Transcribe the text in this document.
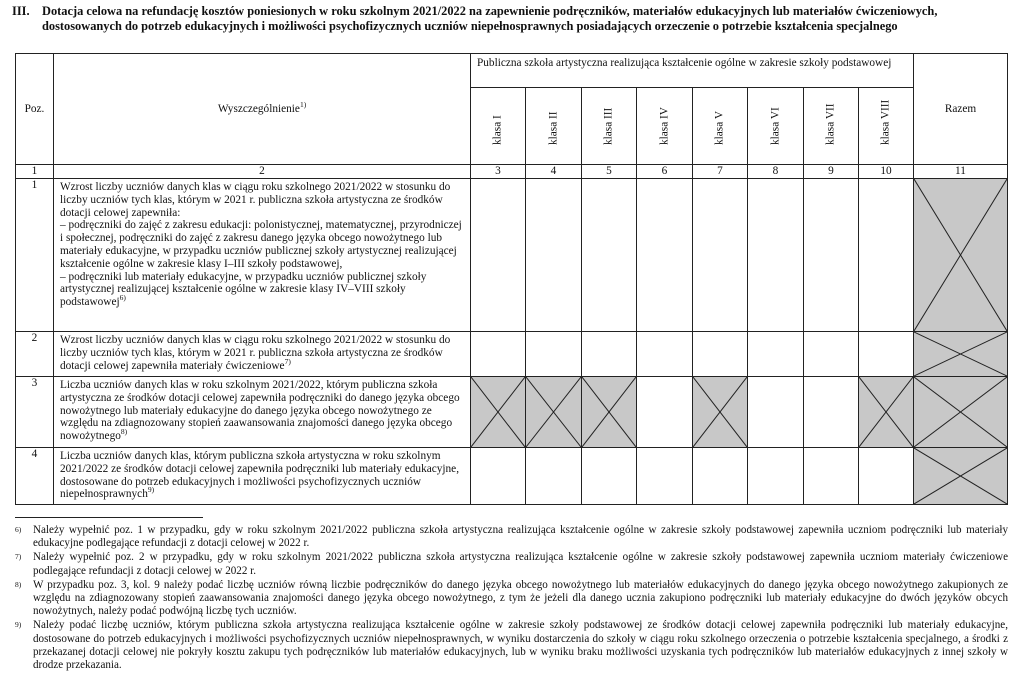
III. Dotacja celowa na refundację kosztów poniesionych w roku szkolnym 2021/2022 na zapewnienie podręczników, materiałów edukacyjnych lub materiałów ćwiczeniowych, dostosowanych do potrzeb edukacyjnych i możliwości psychofizycznych uczniów niepełnosprawnych posiadających orzeczenie o potrzebie kształcenia specjalnego
Poz.	Wyszczególnienie$^{1)}$	Publiczna szkoła artystyczna realizująca kształcenie ogólne w zakresie szkoły podstawowej								Razem

		klasa I	klasa II	klasa III	klasa IV	klasa V	klasa VI	klasa VII	klasa VIII	

1	2	3	4	5	6	7	8	9	10	11
1	Wzrost liczby uczniów danych klas w ciągu roku szkolnego 2021/2022 w stosunku do liczby uczniów tych klas, którym w 2021 r. publiczna szkoła artystyczna ze środków dotacji celowej zapewniła:
– podręczniki do zajęć z zakresu edukacji: polonistycznej, matematycznej, przyrodniczej i społecznej, podręczniki do zajęć z zakresu danego języka obcego nowożytnego lub materiały edukacyjne, w przypadku uczniów publicznej szkoły artystycznej realizującej kształcenie ogólne w zakresie klasy I–III szkoły podstawowej,
– podręczniki lub materiały edukacyjne, w przypadku uczniów publicznej szkoły artystycznej realizującej kształcenie ogólne w zakresie klasy IV–VIII szkoły podstawowej$^{6)}$									

2	Wzrost liczby uczniów danych klas w ciągu roku szkolnego 2021/2022 w stosunku do liczby uczniów tych klas, którym w 2021 r. publiczna szkoła artystyczna ze środków dotacji celowej zapewniła materiały ćwiczeniowe$^{7)}$									

3	Liczba uczniów danych klas w roku szkolnym 2021/2022, którym publiczna szkoła artystyczna ze środków dotacji celowej zapewniła podręczniki do danego języka obcego nowożytnego lub materiały edukacyjne do danego języka obcego nowożytnego ze względu na zdiagnozowany stopień zaawansowania znajomości danego języka obcego nowożytnego$^{8)}$	

4	Liczba uczniów danych klas, którym publiczna szkoła artystyczna w roku szkolnym 2021/2022 ze środków dotacji celowej zapewniła podręczniki lub materiały edukacyjne, dostosowane do potrzeb edukacyjnych i możliwości psychofizycznych uczniów niepełnosprawnych$^{9)}$									
6) Należy wypełnić poz. 1 w przypadku, gdy w roku szkolnym 2021/2022 publiczna szkoła artystyczna realizująca kształcenie ogólne w zakresie szkoły podstawowej zapewniła uczniom podręczniki lub materiały edukacyjne podlegające refundacji z dotacji celowej w 2022 r.
7) Należy wypełnić poz. 2 w przypadku, gdy w roku szkolnym 2021/2022 publiczna szkoła artystyczna realizująca kształcenie ogólne w zakresie szkoły podstawowej zapewniła uczniom materiały ćwiczeniowe podlegające refundacji z dotacji celowej w 2022 r.
8) W przypadku poz. 3, kol. 9 należy podać liczbę uczniów równą liczbie podręczników do danego języka obcego nowożytnego lub materiałów edukacyjnych do danego języka obcego nowożytnego zakupionych ze względu na zdiagnozowany stopień zaawansowania znajomości danego języka obcego nowożytnego, z tym że jeżeli dla danego ucznia zakupiono podręczniki lub materiały edukacyjne do dwóch języków obcych nowożytnych, należy podać podwójną liczbę tych uczniów.
9) Należy podać liczbę uczniów, którym publiczna szkoła artystyczna realizująca kształcenie ogólne w zakresie szkoły podstawowej ze środków dotacji celowej zapewniła podręczniki lub materiały edukacyjne, dostosowane do potrzeb edukacyjnych i możliwości psychofizycznych uczniów niepełnosprawnych, w wyniku dostarczenia do szkoły w ciągu roku szkolnego orzeczenia o potrzebie kształcenia specjalnego, a środki z przekazanej dotacji celowej nie pokryły kosztu zakupu tych podręczników lub materiałów edukacyjnych, lub w wyniku braku możliwości uzyskania tych podręczników lub materiałów edukacyjnych z innej szkoły w drodze przekazania.
